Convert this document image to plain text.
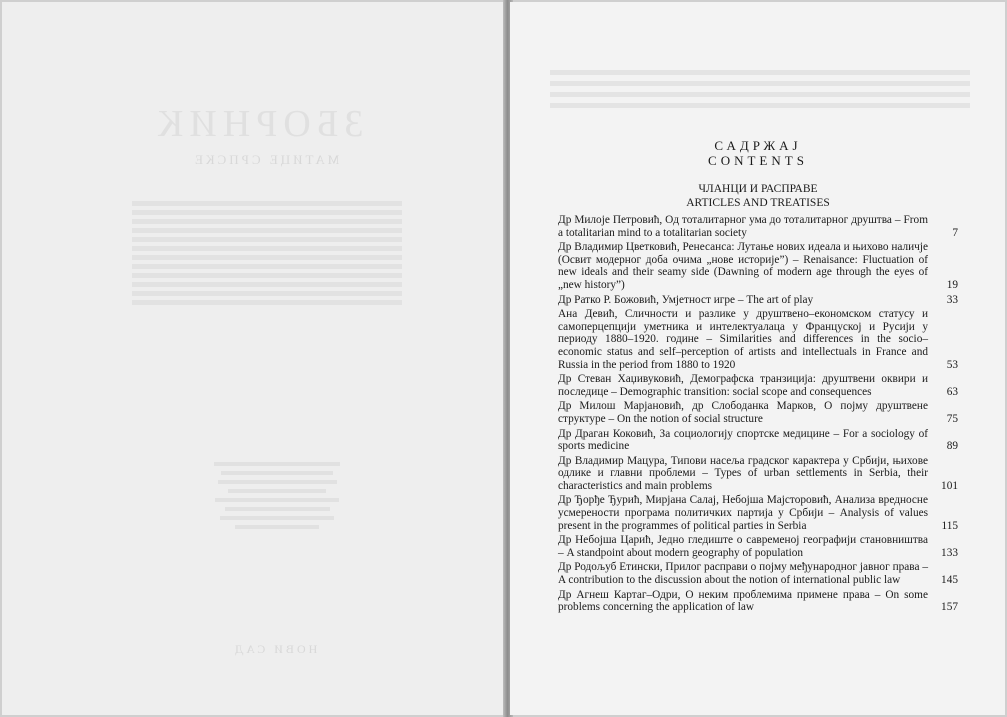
ЗБОРНИК
МАТИЦЕ СРПСКЕ
НОВИ САД
САДРЖАЈ
CONTENTS
ЧЛАНЦИ И РАСПРАВЕ
ARTICLES AND TREATISES
Др Милоје Петровић, Од тоталитарног ума до тоталитарног друштва – From a totalitarian mind to a totalitarian society	7
Др Владимир Цветковић, Ренесанса: Лутање нових идеала и њихово наличје (Освит модерног доба очима „нове историје”) – Renaisance: Fluctuation of new ideals and their seamy side (Dawning of modern age through the eyes of „new history”)	19
Др Ратко Р. Божовић, Умјетност игре – The art of play	33
Ана Девић, Сличности и разлике у друштвено–економском статусу и самоперцепцији уметника и интелектуалаца у Француској и Русији у периоду 1880–1920. године – Similarities and differences in the socio–economic status and self–perception of artists and intellectuals in France and Russia in the period from 1880 to 1920	53
Др Стеван Хаџивуковић, Демографска транзиција: друштвени оквири и последице – Demographic transition: social scope and consequences	63
Др Милош Марјановић, др Слободанка Марков, О појму друштвене структуре – On the notion of social structure	75
Др Драган Коковић, За социологију спортске медицине – For a sociology of sports medicine	89
Др Владимир Мацура, Типови насеља градског карактера у Србији, њихове одлике и главни проблеми – Types of urban settlements in Serbia, their characteristics and main problems	101
Др Ђорђе Ђурић, Мирјана Салај, Небојша Мајсторовић, Анализа вредносне усмерености програма политичких партија у Србији – Analysis of values present in the programmes of political parties in Serbia	115
Др Небојша Царић, Једно гледиште о савременој географији становништва – A standpoint about modern geography of population	133
Др Родољуб Етински, Прилог расправи о појму међународног јавног права – A contribution to the discussion about the notion of international public law	145
Др Агнеш Картаг–Одри, О неким проблемима примене права – On some problems concerning the application of law	157
